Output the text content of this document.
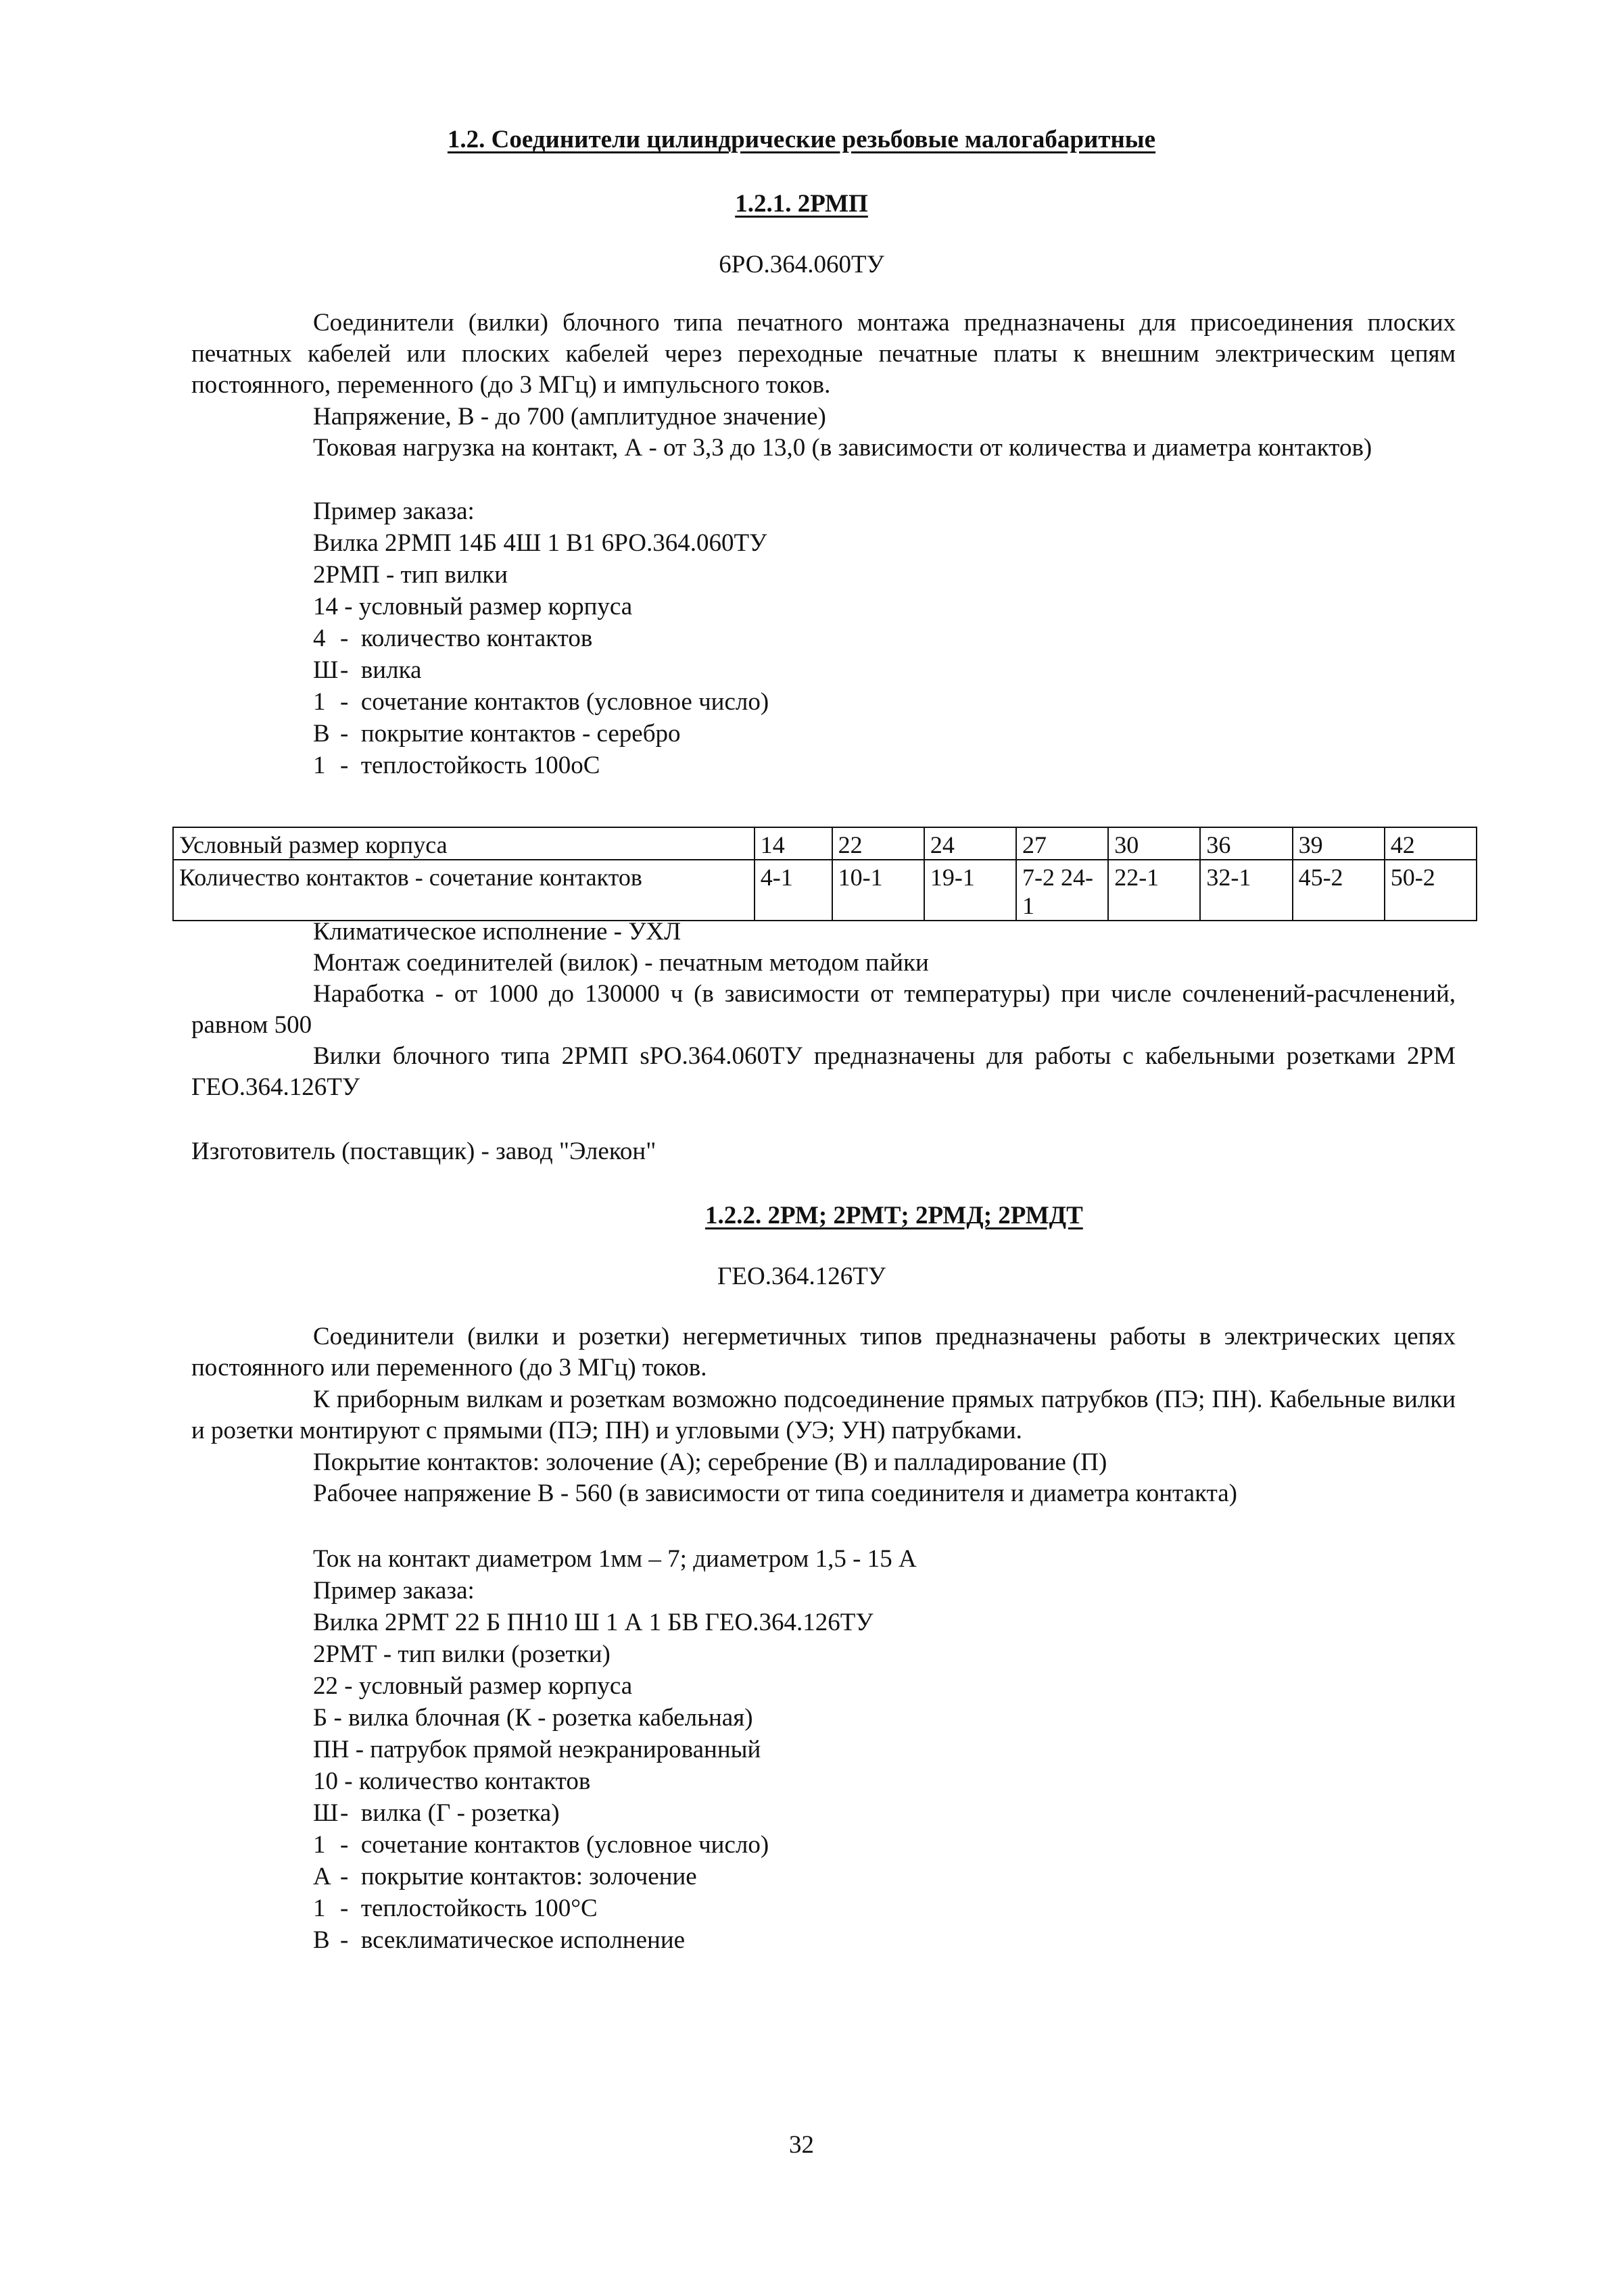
1.2. Соединители цилиндрические резьбовые малогабаритные
1.2.1. 2РМП
6РО.364.060ТУ
Соединители (вилки) блочного типа печатного монтажа предназначены для присоединения плоских печатных кабелей или плоских кабелей через переходные печатные платы к внешним электрическим цепям постоянного, переменного (до 3 МГц) и импульсного токов.
Напряжение, В - до 700 (амплитудное значение)
Токовая нагрузка на контакт, А - от 3,3 до 13,0 (в зависимости от количества и диаметра контактов)
Пример заказа:
Вилка 2РМП 14Б 4Ш 1 В1 6РО.364.060ТУ
2РМП - тип вилки
14 - условный размер корпуса
4 - количество контактов
Ш- вилка
1 - сочетание контактов (условное число)
В - покрытие контактов - серебро
1 - теплостойкость 100оС
Условный размер корпуса	14	22	24	27	30	36	39	42
Количество контактов - сочетание контактов	4-1	10-1	19-1	7-2 24-1	22-1	32-1	45-2	50-2
Климатическое исполнение - УХЛ
Монтаж соединителей (вилок) - печатным методом пайки
Наработка - от 1000 до 130000 ч (в зависимости от температуры) при числе сочленений-расчленений, равном 500
Вилки блочного типа 2РМП sРО.364.060ТУ предназначены для работы с кабельными розетками 2РМ ГЕО.364.126ТУ
Изготовитель (поставщик) - завод "Элекон"
1.2.2. 2РМ; 2РМТ; 2РМД; 2РМДТ
ГЕО.364.126ТУ
Соединители (вилки и розетки) негерметичных типов предназначены работы в электрических цепях постоянного или переменного (до 3 МГц) токов.
К приборным вилкам и розеткам возможно подсоединение прямых патрубков (ПЭ; ПН). Кабельные вилки и розетки монтируют с прямыми (ПЭ; ПН) и угловыми (УЭ; УН) патрубками.
Покрытие контактов: золочение (А); серебрение (В) и палладирование (П)
Рабочее напряжение В - 560 (в зависимости от типа соединителя и диаметра контакта)
Ток на контакт диаметром 1мм – 7; диаметром 1,5 - 15 А
Пример заказа:
Вилка 2РМТ 22 Б ПН10 Ш 1 А 1 БВ ГЕО.364.126ТУ
2РМТ - тип вилки (розетки)
22 - условный размер корпуса
Б - вилка блочная (К - розетка кабельная)
ПН - патрубок прямой неэкранированный
10 - количество контактов
Ш- вилка (Г - розетка)
1 - сочетание контактов (условное число)
А - покрытие контактов: золочение
1 - теплостойкость 100°С
В - всеклиматическое исполнение
32
